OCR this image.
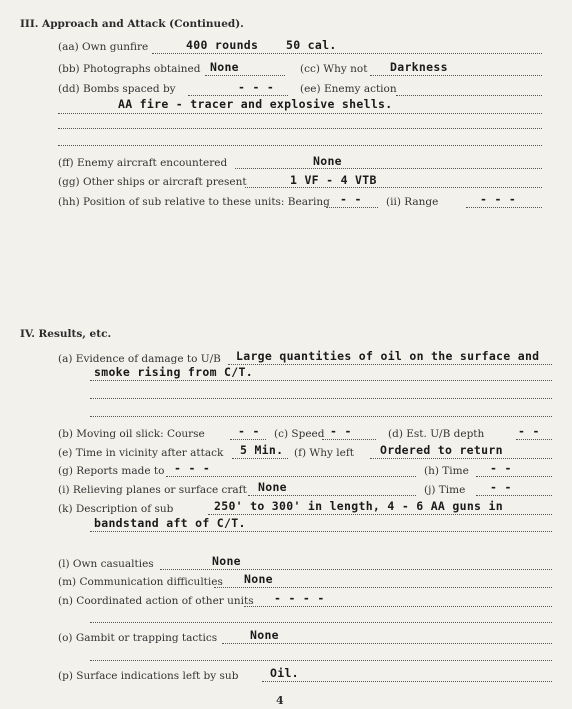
III. Approach and Attack (Continued).
(aa) Own gunfire	400 rounds 50 cal.
(bb) Photographs obtained None	(cc) Why not Darkness
(dd) Bombs spaced by	- - - (ee) Enemy action
AA fire - tracer and explosive shells.
(ff) Enemy aircraft encountered	None
(gg) Other ships or aircraft present	1 VF - 4 VTB
(hh) Position of sub relative to these units: Bearing - - (ii) Range	- - -
IV. Results, etc.
(a) Evidence of damage to U/B Large quantities of oil on the surface and
smoke rising from C/T.
(b) Moving oil slick: Course	- - (c) Speed - -	(d) Est. U/B depth	- -
(e) Time in vicinity after attack 5 Min. (f) Why left Ordered to return
(g) Reports made to - - -	(h) Time - -
(i) Relieving planes or surface craft None	(j) Time - -
(k) Description of sub	250' to 300' in length, 4 - 6 AA guns in
bandstand aft of C/T.
(l) Own casualties	None
(m) Communication difficulties None
(n) Coordinated action of other units - - - -
(o) Gambit or trapping tactics	None
(p) Surface indications left by sub	Oil.
4
